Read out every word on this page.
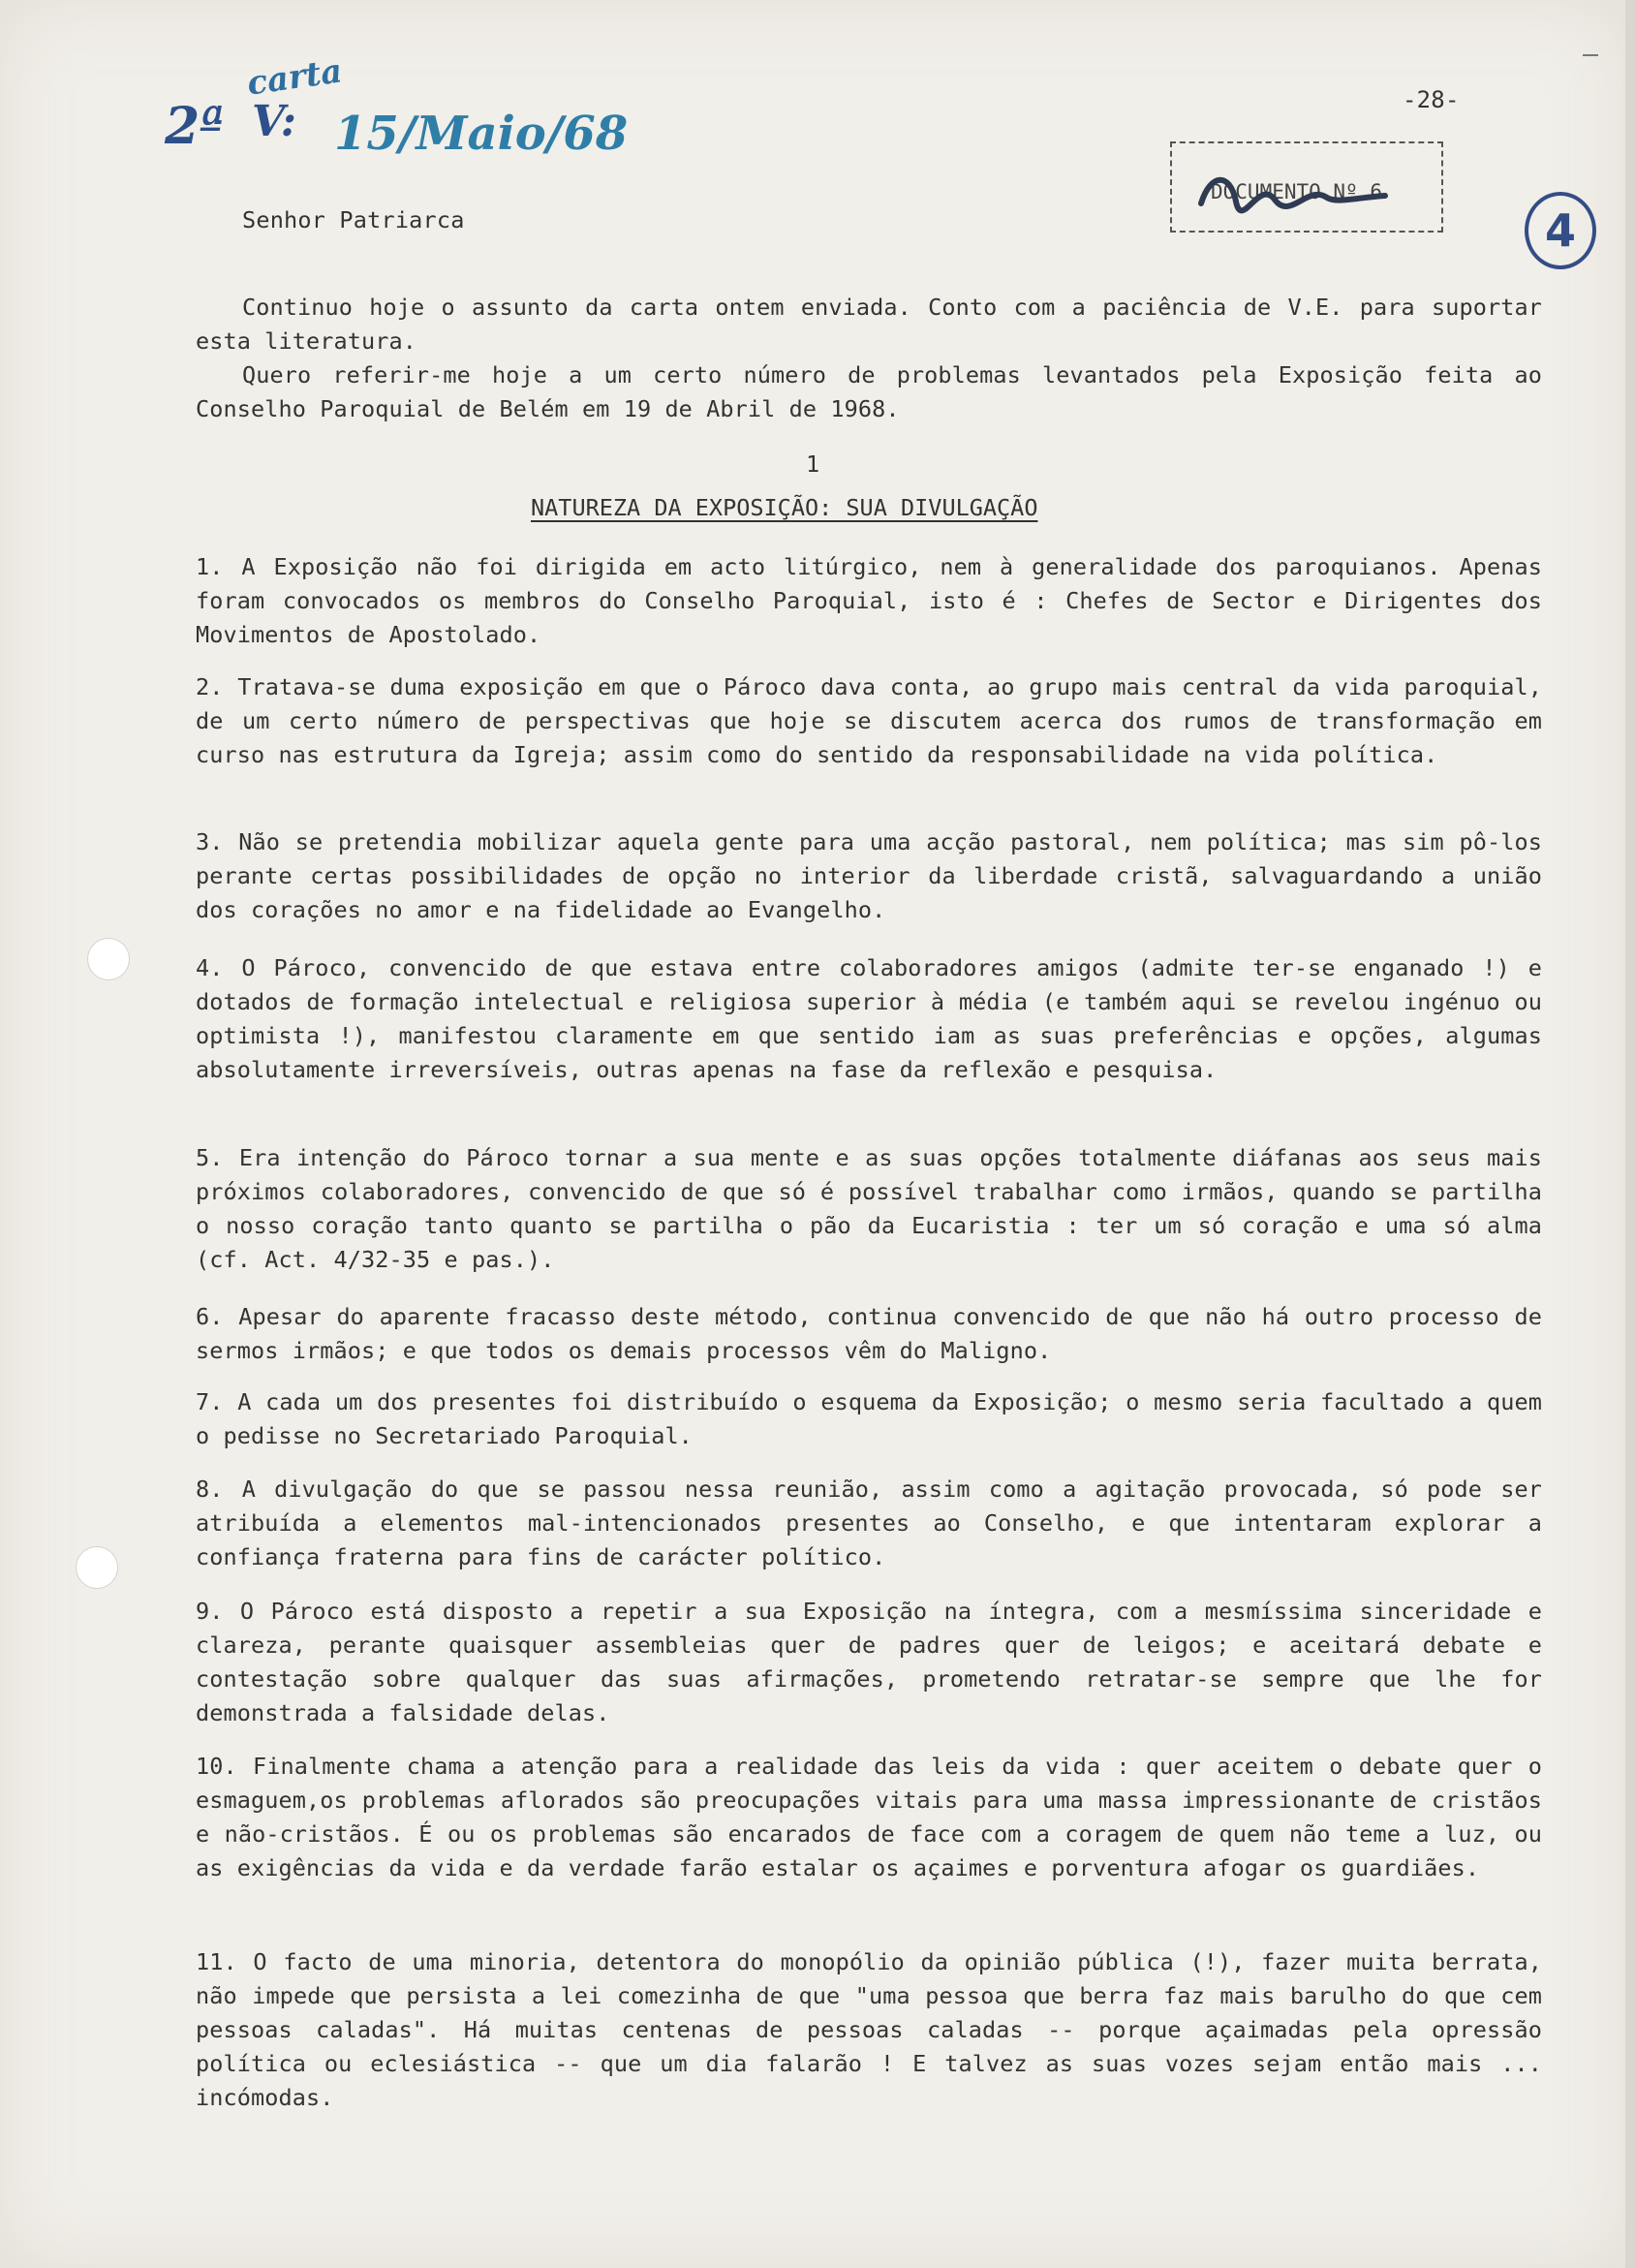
2ª V:
carta
15/Maio/68
-28-
DOCUMENTO Nº 6
4
Senhor Patriarca

Continuo hoje o assunto da carta ontem enviada. Conto com a paciência de V.E. para suportar esta literatura.

Quero referir-me hoje a um certo número de problemas levantados pela Exposição feita ao Conselho Paroquial de Belém em 19 de Abril de 1968.

1
NATUREZA DA EXPOSIÇÃO: SUA DIVULGAÇÃO

1. A Exposição não foi dirigida em acto litúrgico, nem à generalidade dos paroquianos. Apenas foram convocados os membros do Conselho Paroquial, isto é : Chefes de Sector e Dirigentes dos Movimentos de Apostolado.

2. Tratava-se duma exposição em que o Pároco dava conta, ao grupo mais central da vida paroquial, de um certo número de perspectivas que hoje se discutem acerca dos rumos de transformação em curso nas estrutura da Igreja; assim como do sentido da responsabilidade na vida política.

3. Não se pretendia mobilizar aquela gente para uma acção pastoral, nem política; mas sim pô-los perante certas possibilidades de opção no interior da liberdade cristã, salvaguardando a união dos corações no amor e na fidelidade ao Evangelho.

4. O Pároco, convencido de que estava entre colaboradores amigos (admite ter-se enganado !) e dotados de formação intelectual e religiosa superior à média (e também aqui se revelou ingénuo ou optimista !), manifestou claramente em que sentido iam as suas preferências e opções, algumas absolutamente irreversíveis, outras apenas na fase da reflexão e pesquisa.

5. Era intenção do Pároco tornar a sua mente e as suas opções totalmente diáfanas aos seus mais próximos colaboradores, convencido de que só é possível trabalhar como irmãos, quando se partilha o nosso coração tanto quanto se partilha o pão da Eucaristia : ter um só coração e uma só alma (cf. Act. 4/32-35 e pas.).

6. Apesar do aparente fracasso deste método, continua convencido de que não há outro processo de sermos irmãos; e que todos os demais processos vêm do Maligno.

7. A cada um dos presentes foi distribuído o esquema da Exposição; o mesmo seria facultado a quem o pedisse no Secretariado Paroquial.

8. A divulgação do que se passou nessa reunião, assim como a agitação provocada, só pode ser atribuída a elementos mal-intencionados presentes ao Conselho, e que intentaram explorar a confiança fraterna para fins de carácter político.

9. O Pároco está disposto a repetir a sua Exposição na íntegra, com a mesmíssima sinceridade e clareza, perante quaisquer assembleias quer de padres quer de leigos; e aceitará debate e contestação sobre qualquer das suas afirmações, prometendo retratar-se sempre que lhe for demonstrada a falsidade delas.

10. Finalmente chama a atenção para a realidade das leis da vida : quer aceitem o debate quer o esmaguem,os problemas aflorados são preocupações vitais para uma massa impressionante de cristãos e não-cristãos. É ou os problemas são encarados de face com a coragem de quem não teme a luz, ou as exigências da vida e da verdade farão estalar os açaimes e porventura afogar os guardiães.

11. O facto de uma minoria, detentora do monopólio da opinião pública (!), fazer muita berrata, não impede que persista a lei comezinha de que "uma pessoa que berra faz mais barulho do que cem pessoas caladas". Há muitas centenas de pessoas caladas -- porque açaimadas pela opressão política ou eclesiástica -- que um dia falarão ! E talvez as suas vozes sejam então mais ... incómodas.
